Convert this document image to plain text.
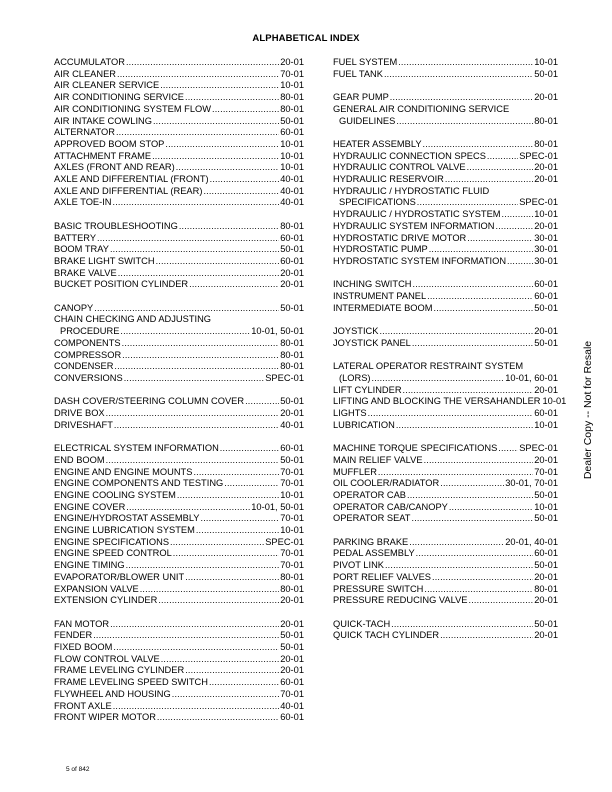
ALPHABETICAL INDEX
ACCUMULATOR .....	20-01
AIR CLEANER .....	70-01
AIR CLEANER SERVICE .....	10-01
AIR CONDITIONING SERVICE .....	80-01
AIR CONDITIONING SYSTEM FLOW .....	80-01
AIR INTAKE COWLING .....	50-01
ALTERNATOR .....	60-01
APPROVED BOOM STOP .....	10-01
ATTACHMENT FRAME .....	10-01
AXLES (FRONT AND REAR) .....	10-01
AXLE AND DIFFERENTIAL (FRONT) .....	40-01
AXLE AND DIFFERENTIAL (REAR) .....	40-01
AXLE TOE-IN .....	40-01
BASIC TROUBLESHOOTING .....	80-01
BATTERY .....	60-01
BOOM TRAY .....	50-01
BRAKE LIGHT SWITCH .....	60-01
BRAKE VALVE .....	20-01
BUCKET POSITION CYLINDER .....	20-01
CANOPY .....	50-01
CHAIN CHECKING AND ADJUSTING
PROCEDURE .....	10-01, 50-01
COMPONENTS .....	80-01
COMPRESSOR .....	80-01
CONDENSER .....	80-01
CONVERSIONS .....	SPEC-01
DASH COVER/STEERING COLUMN COVER .....	50-01
DRIVE BOX .....	20-01
DRIVESHAFT .....	40-01
ELECTRICAL SYSTEM INFORMATION .....	60-01
END BOOM .....	50-01
ENGINE AND ENGINE MOUNTS .....	70-01
ENGINE COMPONENTS AND TESTING .....	70-01
ENGINE COOLING SYSTEM .....	10-01
ENGINE COVER .....	10-01, 50-01
ENGINE/HYDROSTAT ASSEMBLY .....	70-01
ENGINE LUBRICATION SYSTEM .....	10-01
ENGINE SPECIFICATIONS .....	SPEC-01
ENGINE SPEED CONTROL .....	70-01
ENGINE TIMING .....	70-01
EVAPORATOR/BLOWER UNIT .....	80-01
EXPANSION VALVE .....	80-01
EXTENSION CYLINDER .....	20-01
FAN MOTOR .....	20-01
FENDER .....	50-01
FIXED BOOM .....	50-01
FLOW CONTROL VALVE .....	20-01
FRAME LEVELING CYLINDER .....	20-01
FRAME LEVELING SPEED SWITCH .....	60-01
FLYWHEEL AND HOUSING .....	70-01
FRONT AXLE .....	40-01
FRONT WIPER MOTOR .....	60-01
FUEL SYSTEM .....	10-01
FUEL TANK .....	50-01
GEAR PUMP .....	20-01
GENERAL AIR CONDITIONING SERVICE
GUIDELINES .....	80-01
HEATER ASSEMBLY .....	80-01
HYDRAULIC CONNECTION SPECS .....	SPEC-01
HYDRAULIC CONTROL VALVE .....	20-01
HYDRAULIC RESERVOIR .....	20-01
HYDRAULIC / HYDROSTATIC FLUID
SPECIFICATIONS .....	SPEC-01
HYDRAULIC / HYDROSTATIC SYSTEM .....	10-01
HYDRAULIC SYSTEM INFORMATION .....	20-01
HYDROSTATIC DRIVE MOTOR .....	30-01
HYDROSTATIC PUMP .....	30-01
HYDROSTATIC SYSTEM INFORMATION .....	30-01
INCHING SWITCH .....	60-01
INSTRUMENT PANEL .....	60-01
INTERMEDIATE BOOM .....	50-01
JOYSTICK .....	20-01
JOYSTICK PANEL .....	50-01
LATERAL OPERATOR RESTRAINT SYSTEM
(LORS) .....	10-01, 60-01
LIFT CYLINDER .....	20-01
LIFTING AND BLOCKING THE VERSAHANDLER 10-01
LIGHTS .....	60-01
LUBRICATION .....	10-01
MACHINE TORQUE SPECIFICATIONS ..... SPEC-01
MAIN RELIEF VALVE .....	20-01
MUFFLER .....	70-01
OIL COOLER/RADIATOR .....	30-01, 70-01
OPERATOR CAB .....	50-01
OPERATOR CAB/CANOPY .....	10-01
OPERATOR SEAT .....	50-01
PARKING BRAKE .....	20-01, 40-01
PEDAL ASSEMBLY .....	60-01
PIVOT LINK .....	50-01
PORT RELIEF VALVES .....	20-01
PRESSURE SWITCH .....	80-01
PRESSURE REDUCING VALVE .....	20-01
QUICK-TACH .....	50-01
QUICK TACH CYLINDER .....	20-01
5 of 842
Dealer Copy -- Not for Resale
